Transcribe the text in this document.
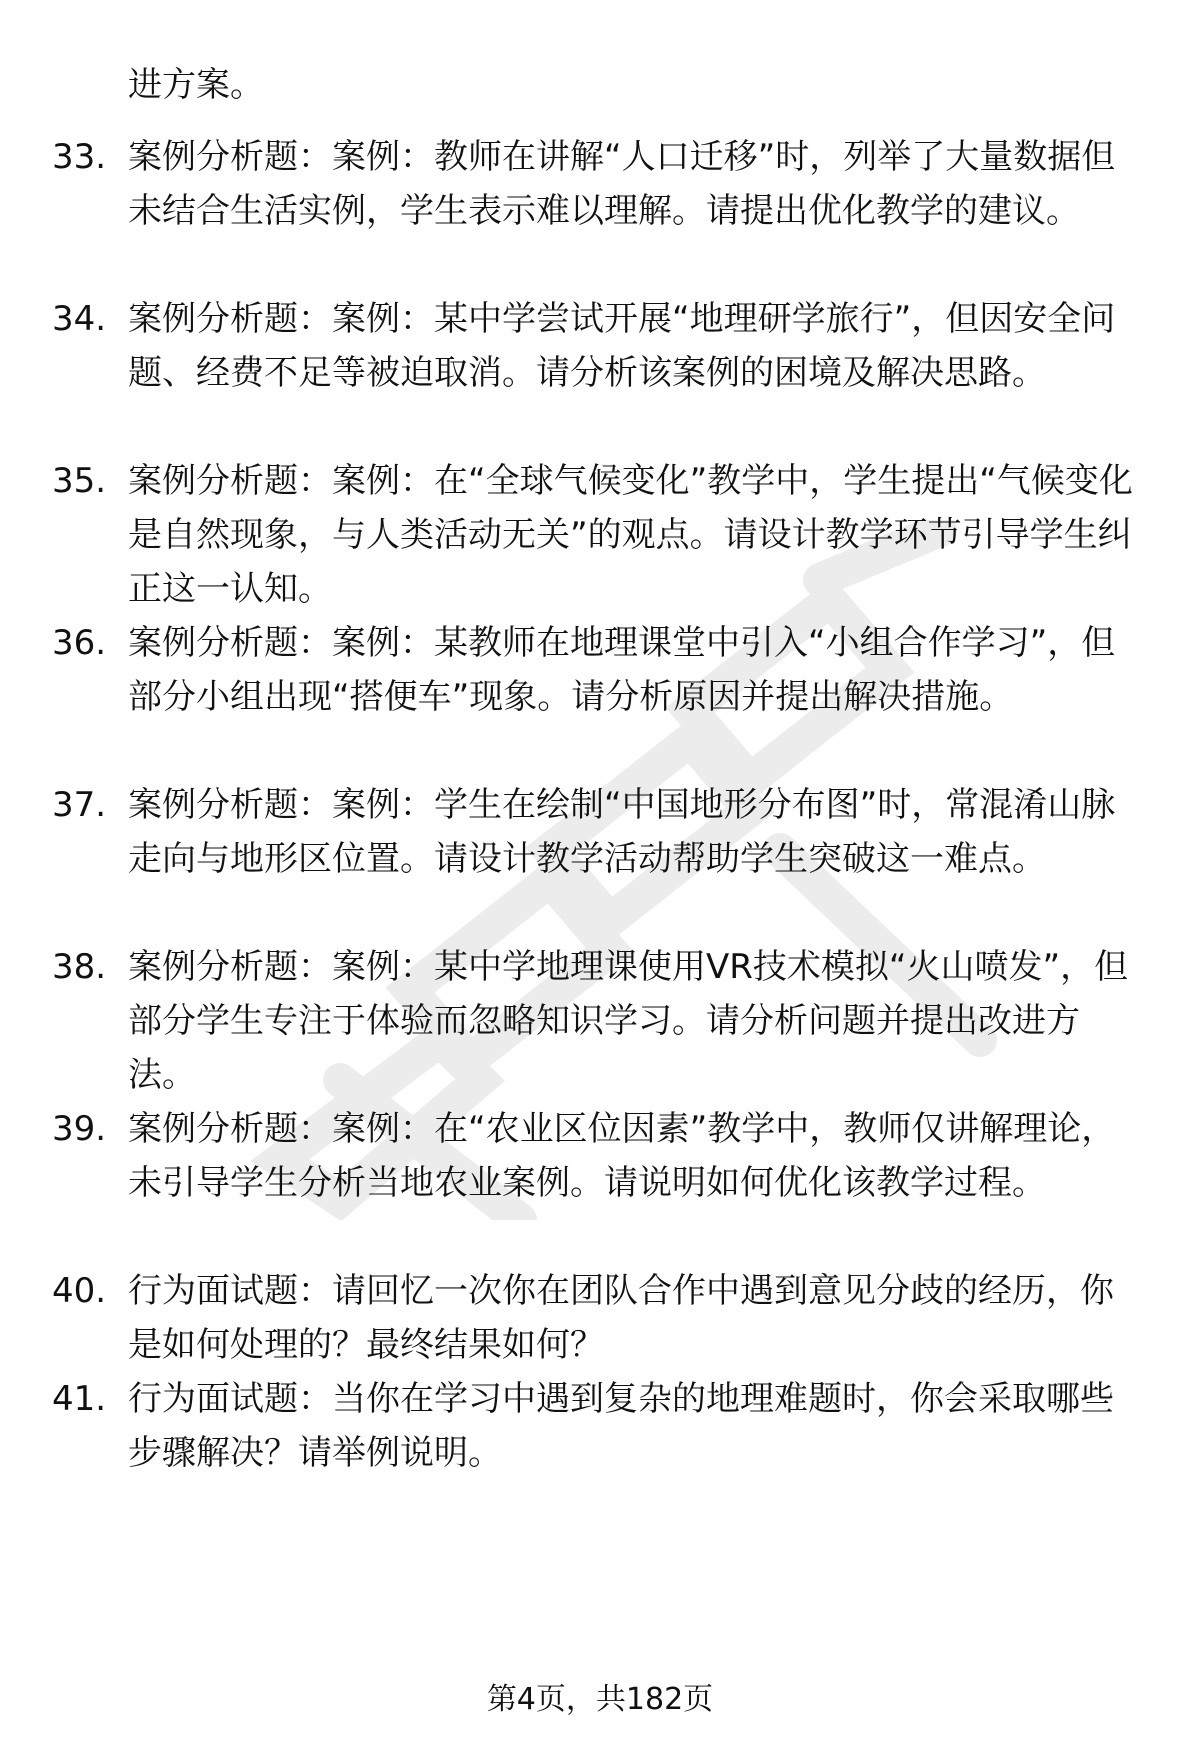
进方案。
33. 案例分析题：案例：教师在讲解“人口迁移”时，列举了大量数据但未结合生活实例，学生表示难以理解。请提出优化教学的建议。
34. 案例分析题：案例：某中学尝试开展“地理研学旅行”，但因安全问题、经费不足等被迫取消。请分析该案例的困境及解决思路。
35. 案例分析题：案例：在“全球气候变化”教学中，学生提出“气候变化是自然现象，与人类活动无关”的观点。请设计教学环节引导学生纠正这一认知。
36. 案例分析题：案例：某教师在地理课堂中引入“小组合作学习”，但部分小组出现“搭便车”现象。请分析原因并提出解决措施。
37. 案例分析题：案例：学生在绘制“中国地形分布图”时，常混淆山脉走向与地形区位置。请设计教学活动帮助学生突破这一难点。
38. 案例分析题：案例：某中学地理课使用VR技术模拟“火山喷发”，但部分学生专注于体验而忽略知识学习。请分析问题并提出改进方法。
39. 案例分析题：案例：在“农业区位因素”教学中，教师仅讲解理论，未引导学生分析当地农业案例。请说明如何优化该教学过程。
40. 行为面试题：请回忆一次你在团队合作中遇到意见分歧的经历，你是如何处理的？最终结果如何？
41. 行为面试题：当你在学习中遇到复杂的地理难题时，你会采取哪些步骤解决？请举例说明。
第4页，共182页
